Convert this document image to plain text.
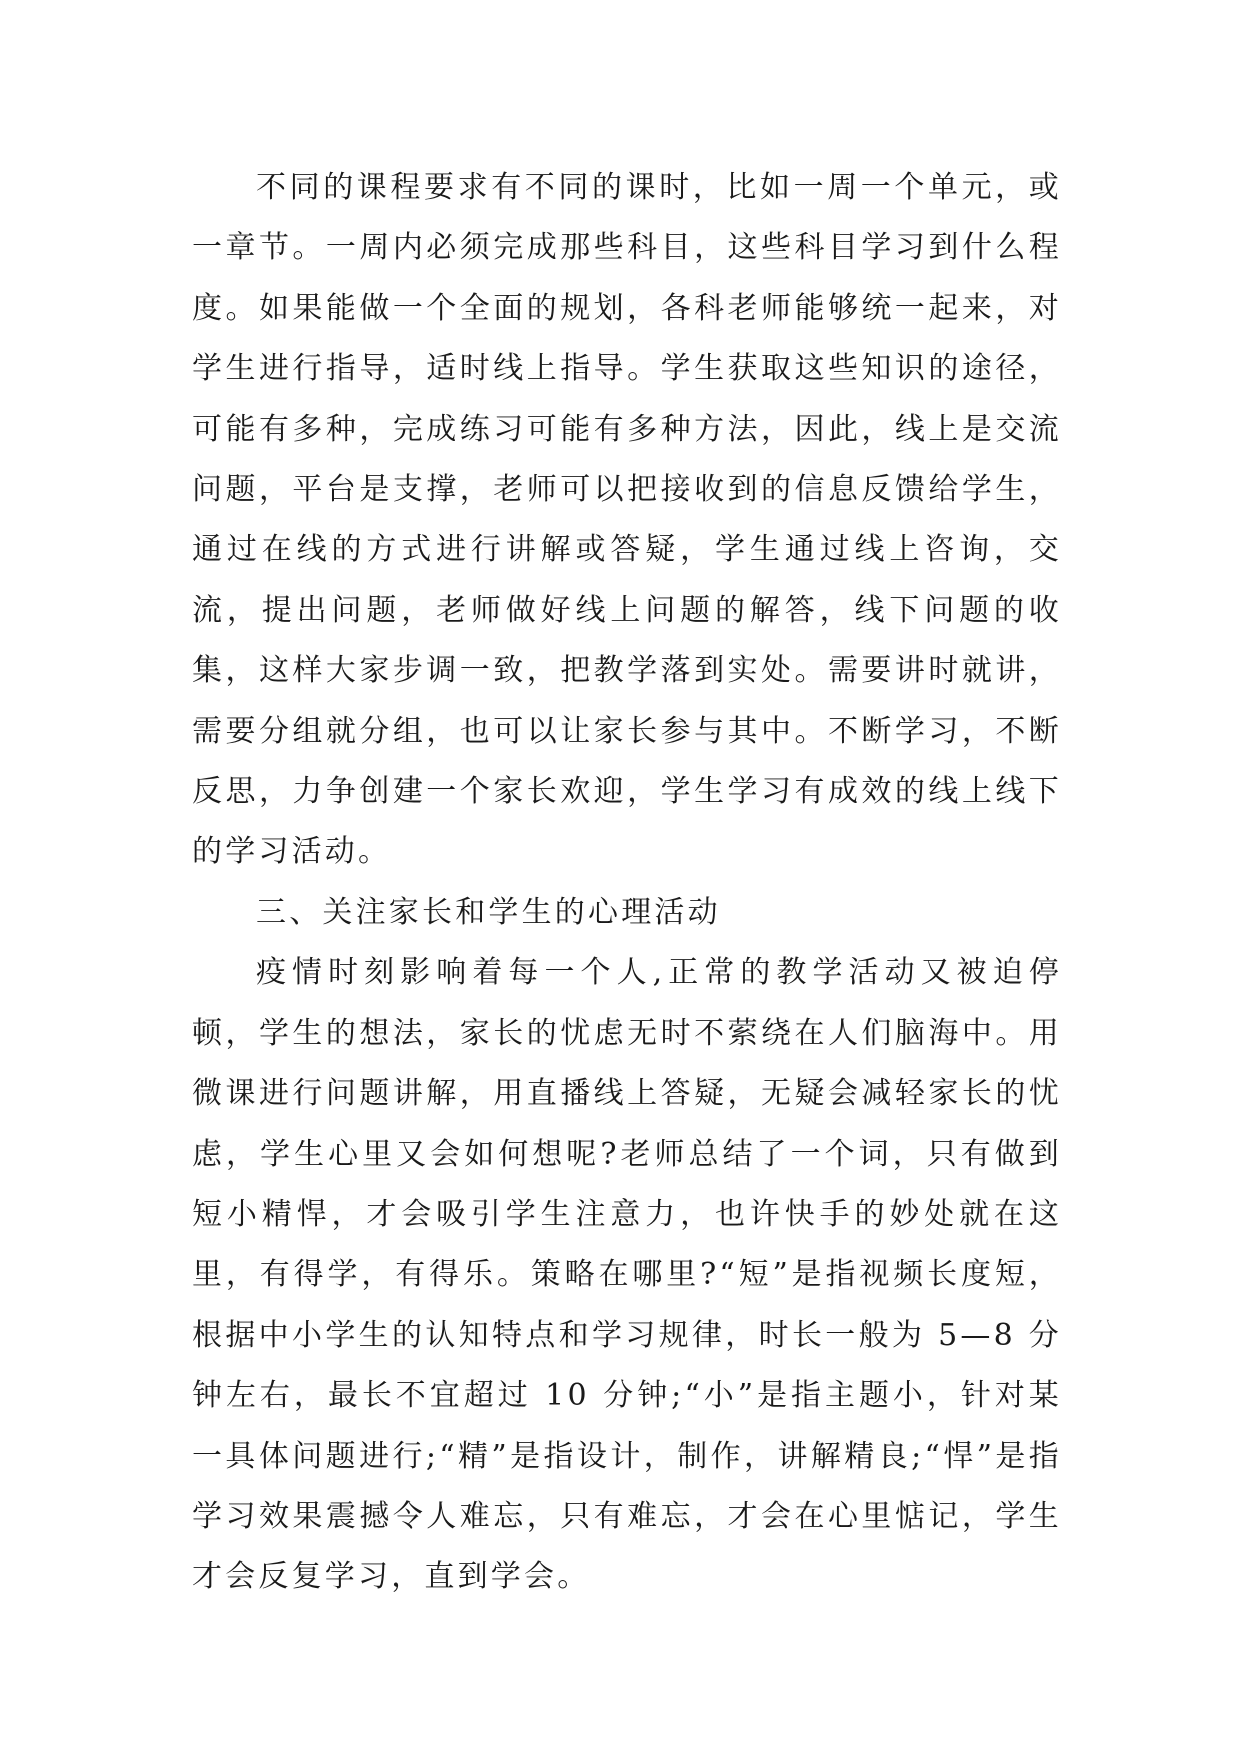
不同的课程要求有不同的课时，比如一周一个单元，或一章节。一周内必须完成那些科目，这些科目学习到什么程度。如果能做一个全面的规划，各科老师能够统一起来，对学生进行指导，适时线上指导。学生获取这些知识的途径，可能有多种，完成练习可能有多种方法，因此，线上是交流问题，平台是支撑，老师可以把接收到的信息反馈给学生，通过在线的方式进行讲解或答疑，学生通过线上咨询，交流，提出问题，老师做好线上问题的解答，线下问题的收集，这样大家步调一致，把教学落到实处。需要讲时就讲，需要分组就分组，也可以让家长参与其中。不断学习，不断反思，力争创建一个家长欢迎，学生学习有成效的线上线下的学习活动。

三、关注家长和学生的心理活动

疫情时刻影响着每一个人,正常的教学活动又被迫停顿，学生的想法，家长的忧虑无时不萦绕在人们脑海中。用微课进行问题讲解，用直播线上答疑，无疑会减轻家长的忧虑，学生心里又会如何想呢?老师总结了一个词，只有做到短小精悍，才会吸引学生注意力，也许快手的妙处就在这里，有得学，有得乐。策略在哪里?“短”是指视频长度短，根据中小学生的认知特点和学习规律，时长一般为 5—8 分钟左右，最长不宜超过 10 分钟;“小”是指主题小，针对某一具体问题进行;“精”是指设计，制作，讲解精良;“悍”是指学习效果震撼令人难忘，只有难忘，才会在心里惦记，学生才会反复学习，直到学会。
